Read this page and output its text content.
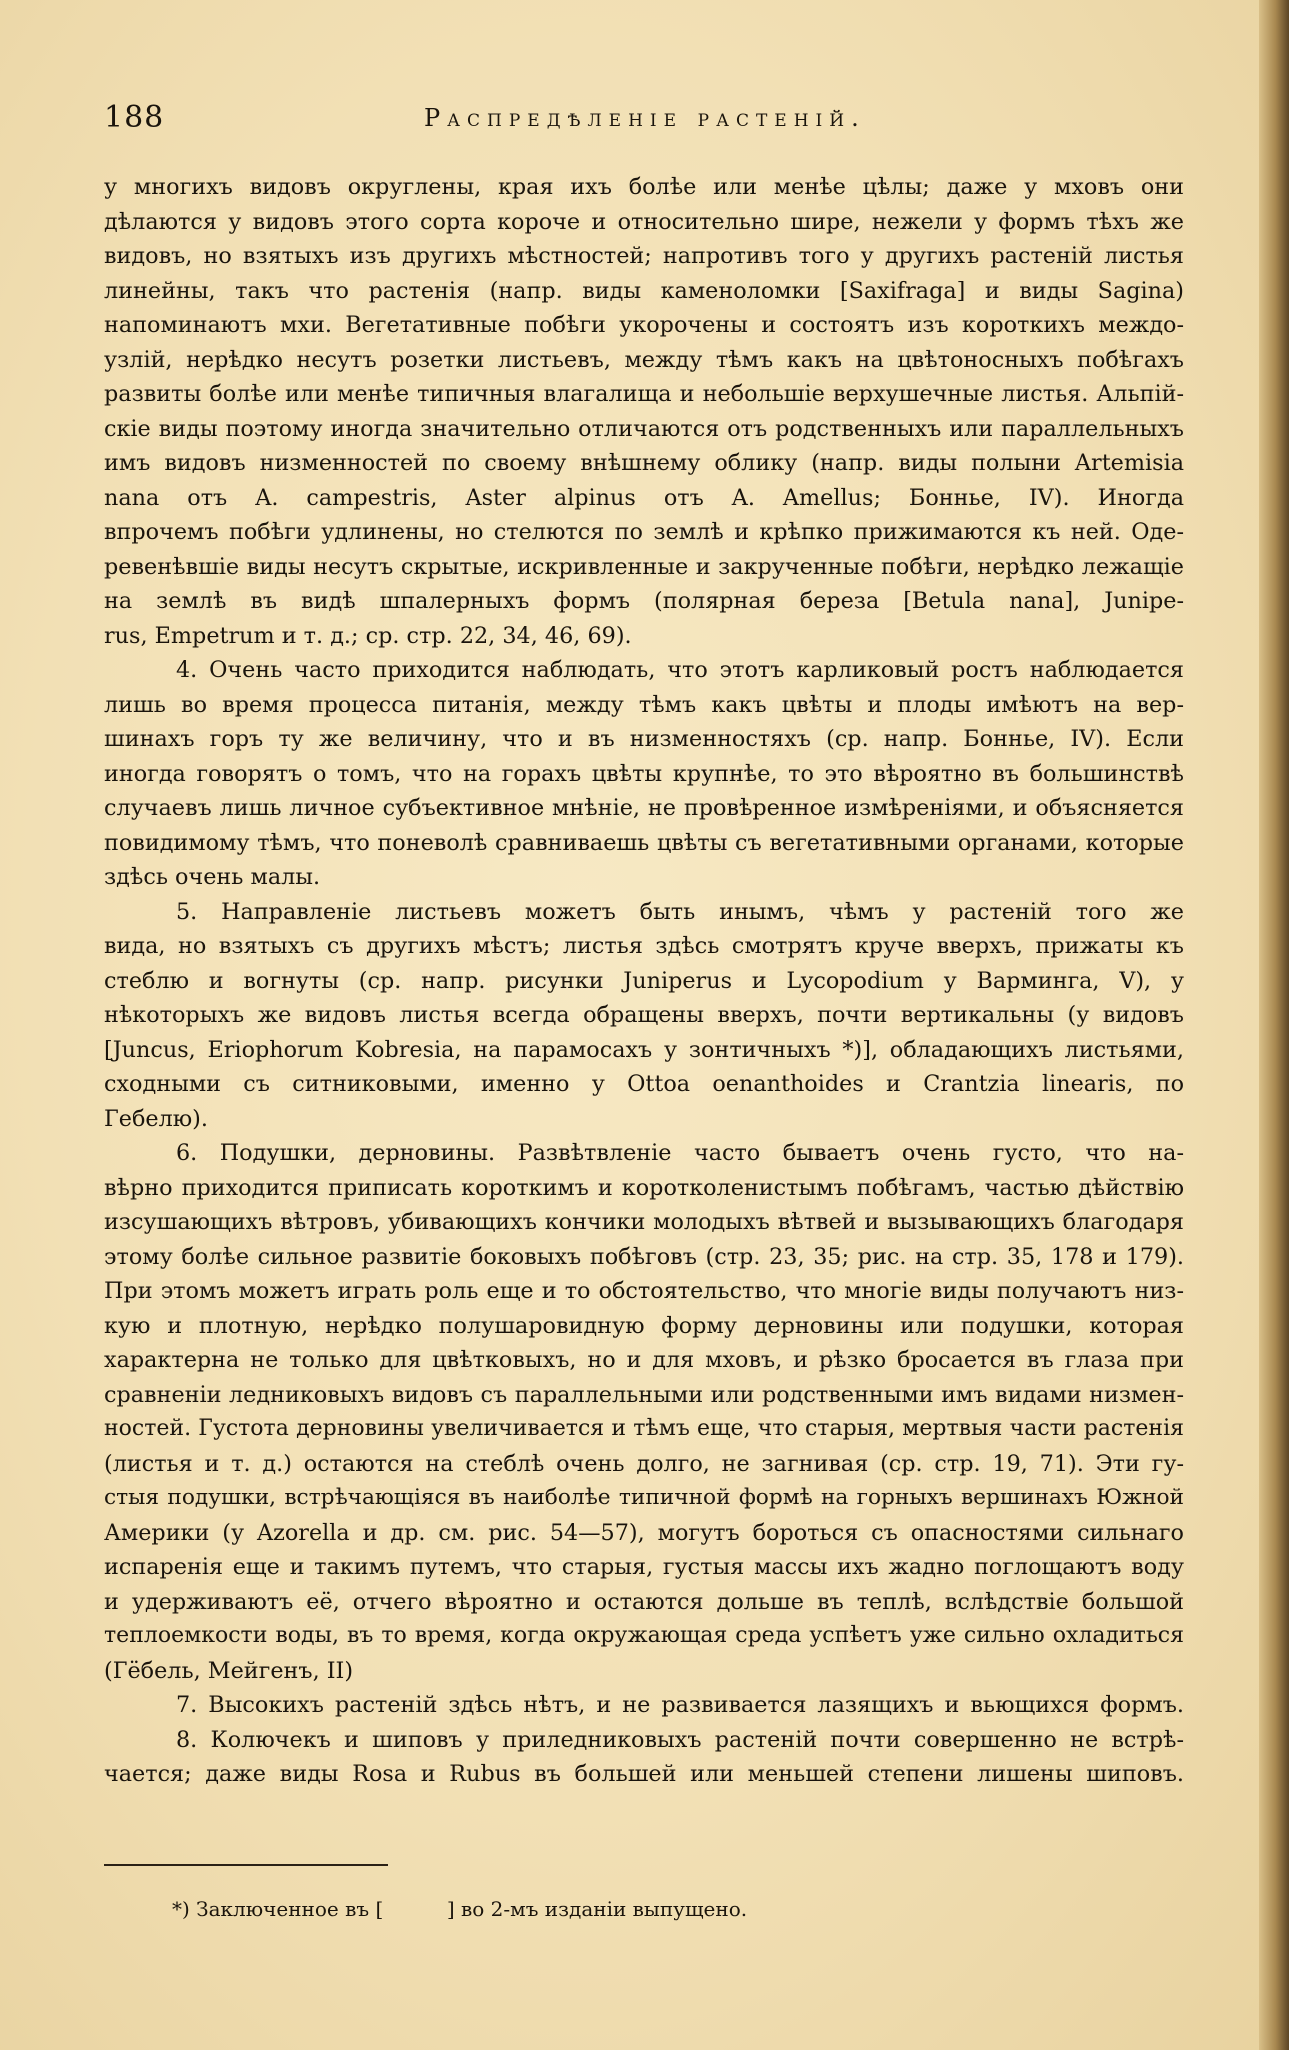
188	Распредѣленіе растеній.
у многихъ видовъ округлены, края ихъ болѣе или менѣе цѣлы; даже у мховъ они
дѣлаются у видовъ этого сорта короче и относительно шире, нежели у формъ тѣхъ же
видовъ, но взятыхъ изъ другихъ мѣстностей; напротивъ того у другихъ растеній листья
линейны, такъ что растенія (напр. виды каменоломки [Saxifraga] и виды Sagina)
напоминаютъ мхи. Вегетативные побѣги укорочены и состоятъ изъ короткихъ междо-
узлій, нерѣдко несутъ розетки листьевъ, между тѣмъ какъ на цвѣтоносныхъ побѣгахъ
развиты болѣе или менѣе типичныя влагалища и небольшіе верхушечные листья. Альпій-
скіе виды поэтому иногда значительно отличаются отъ родственныхъ или параллельныхъ
имъ видовъ низменностей по своему внѣшнему облику (напр. виды полыни Artemisia
nana отъ A. campestris, Aster alpinus отъ A. Amellus; Бонньe, IV). Иногда
впрочемъ побѣги удлинены, но стелются по землѣ и крѣпко прижимаются къ ней. Оде-
ревенѣвшіе виды несутъ скрытые, искривленные и закрученные побѣги, нерѣдко лежащіе
на землѣ въ видѣ шпалерныхъ формъ (полярная береза [Betula nana], Junipe-
rus, Empetrum и т. д.; ср. стр. 22, 34, 46, 69).
4. Очень часто приходится наблюдать, что этотъ карликовый ростъ наблюдается
лишь во время процесса питанія, между тѣмъ какъ цвѣты и плоды имѣютъ на вер-
шинахъ горъ ту же величину, что и въ низменностяхъ (ср. напр. Бонньe, IV). Если
иногда говорятъ о томъ, что на горахъ цвѣты крупнѣе, то это вѣроятно въ большинствѣ
случаевъ лишь личное субъективное мнѣніе, не провѣренное измѣреніями, и объясняется
повидимому тѣмъ, что поневолѣ сравниваешь цвѣты съ вегетативными органами, которые
здѣсь очень малы.
5. Направленіе листьевъ можетъ быть инымъ, чѣмъ у растеній того же
вида, но взятыхъ съ другихъ мѣстъ; листья здѣсь смотрятъ круче вверхъ, прижаты къ
стеблю и вогнуты (ср. напр. рисунки Juniperus и Lycopodium у Варминга, V), у
нѣкоторыхъ же видовъ листья всегда обращены вверхъ, почти вертикальны (у видовъ
[Juncus, Eriophorum Kobresia, на парамосахъ у зонтичныхъ *)], обладающихъ листьями,
сходными съ ситниковыми, именно у Ottoa oenanthoides и Crantzia linearis, по
Гебелю).
6. Подушки, дерновины. Развѣтвленіе часто бываетъ очень густо, что на-
вѣрно приходится приписать короткимъ и коротколенистымъ побѣгамъ, частью дѣйствію
изсушающихъ вѣтровъ, убивающихъ кончики молодыхъ вѣтвей и вызывающихъ благодаря
этому болѣе сильное развитіе боковыхъ побѣговъ (стр. 23, 35; рис. на стр. 35, 178 и 179).
При этомъ можетъ играть роль еще и то обстоятельство, что многіе виды получаютъ низ-
кую и плотную, нерѣдко полушаровидную форму дерновины или подушки, которая
характерна не только для цвѣтковыхъ, но и для мховъ, и рѣзко бросается въ глаза при
сравненіи ледниковыхъ видовъ съ параллельными или родственными имъ видами низмен-
ностей. Густота дерновины увеличивается и тѣмъ еще, что старыя, мертвыя части растенія
(листья и т. д.) остаются на стеблѣ очень долго, не загнивая (ср. стр. 19, 71). Эти гу-
стыя подушки, встрѣчающіяся въ наиболѣе типичной формѣ на горныхъ вершинахъ Южной
Америки (у Azorella и др. см. рис. 54—57), могутъ бороться съ опасностями сильнаго
испаренія еще и такимъ путемъ, что старыя, густыя массы ихъ жадно поглощаютъ воду
и удерживаютъ её, отчего вѣроятно и остаются дольше въ теплѣ, вслѣдствіе большой
теплоемкости воды, въ то время, когда окружающая среда успѣетъ уже сильно охладиться
(Гёбель, Мейгенъ, II)
7. Высокихъ растеній здѣсь нѣтъ, и не развивается лазящихъ и вьющихся формъ.
8. Колючекъ и шиповъ у приледниковыхъ растеній почти совершенно не встрѣ-
чается; даже виды Rosa и Rubus въ большей или меньшей степени лишены шиповъ.
*) Заключенное въ [          ] во 2-мъ изданіи выпущено.
